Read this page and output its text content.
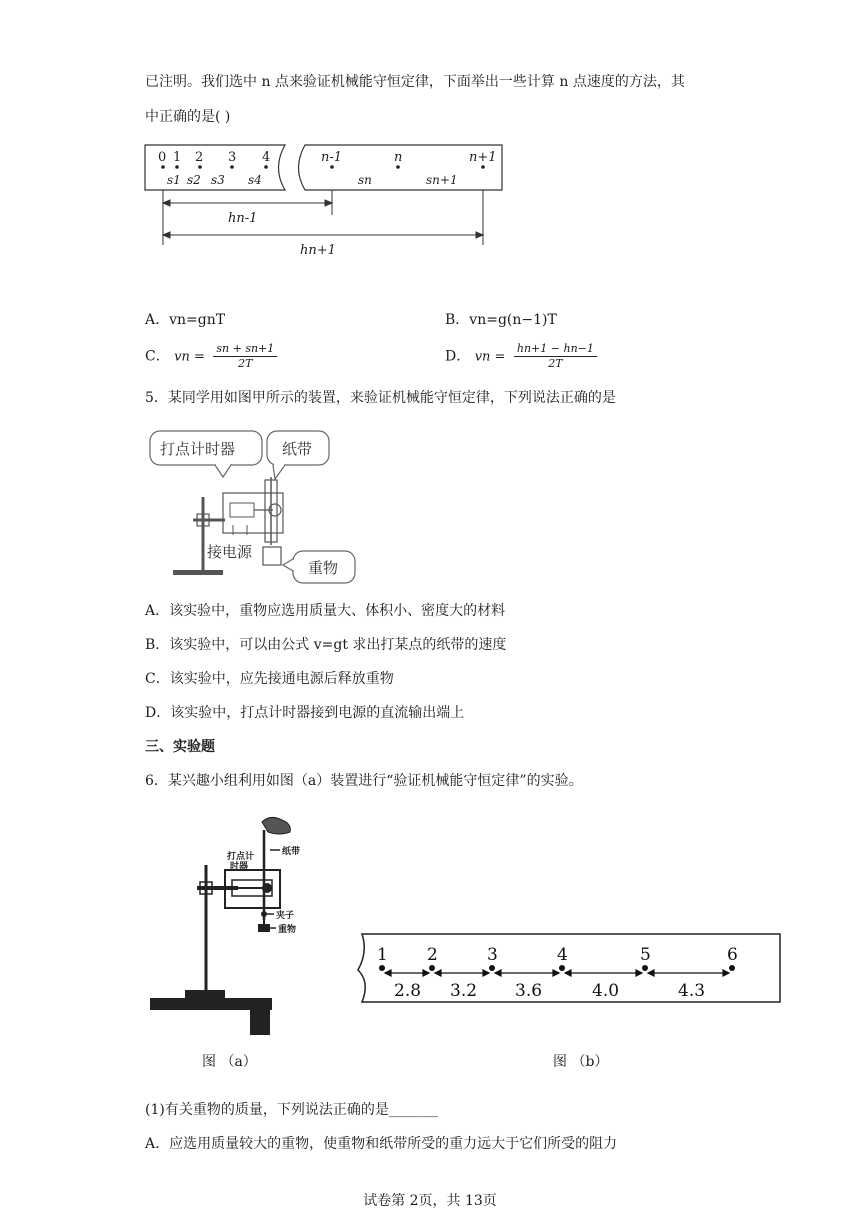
已注明。我们选中 n 点来验证机械能守恒定律，下面举出一些计算 n 点速度的方法，其
中正确的是( )
0 1 2 3 4	n-1	n	n+1
s1 s2 s3 s4	sn	sn+1
hn-1
hn+1
A．vn=gnT	B．vn=g(n−1)T
C． vn = $\frac{sn + sn+1}{2T}$	D． vn = $\frac{hn+1 - hn-1}{2T}$
5．某同学用如图甲所示的装置，来验证机械能守恒定律，下列说法正确的是
打点计时器	纸带
接电源
重物
A．该实验中，重物应选用质量大、体积小、密度大的材料
B．该实验中，可以由公式 v=gt 求出打某点的纸带的速度
C．该实验中，应先接通电源后释放重物
D．该实验中，打点计时器接到电源的直流输出端上
三、实验题
6．某兴趣小组利用如图（a）装置进行“验证机械能守恒定律”的实验。
打点计
时器
纸带
夹子
重物
1 2	3	4	5	6
2.8 3.2 3.6	4.0	4.3
图 （a）	图 （b）
(1)有关重物的质量，下列说法正确的是_______
A．应选用质量较大的重物，使重物和纸带所受的重力远大于它们所受的阻力
试卷第 2页，共 13页
